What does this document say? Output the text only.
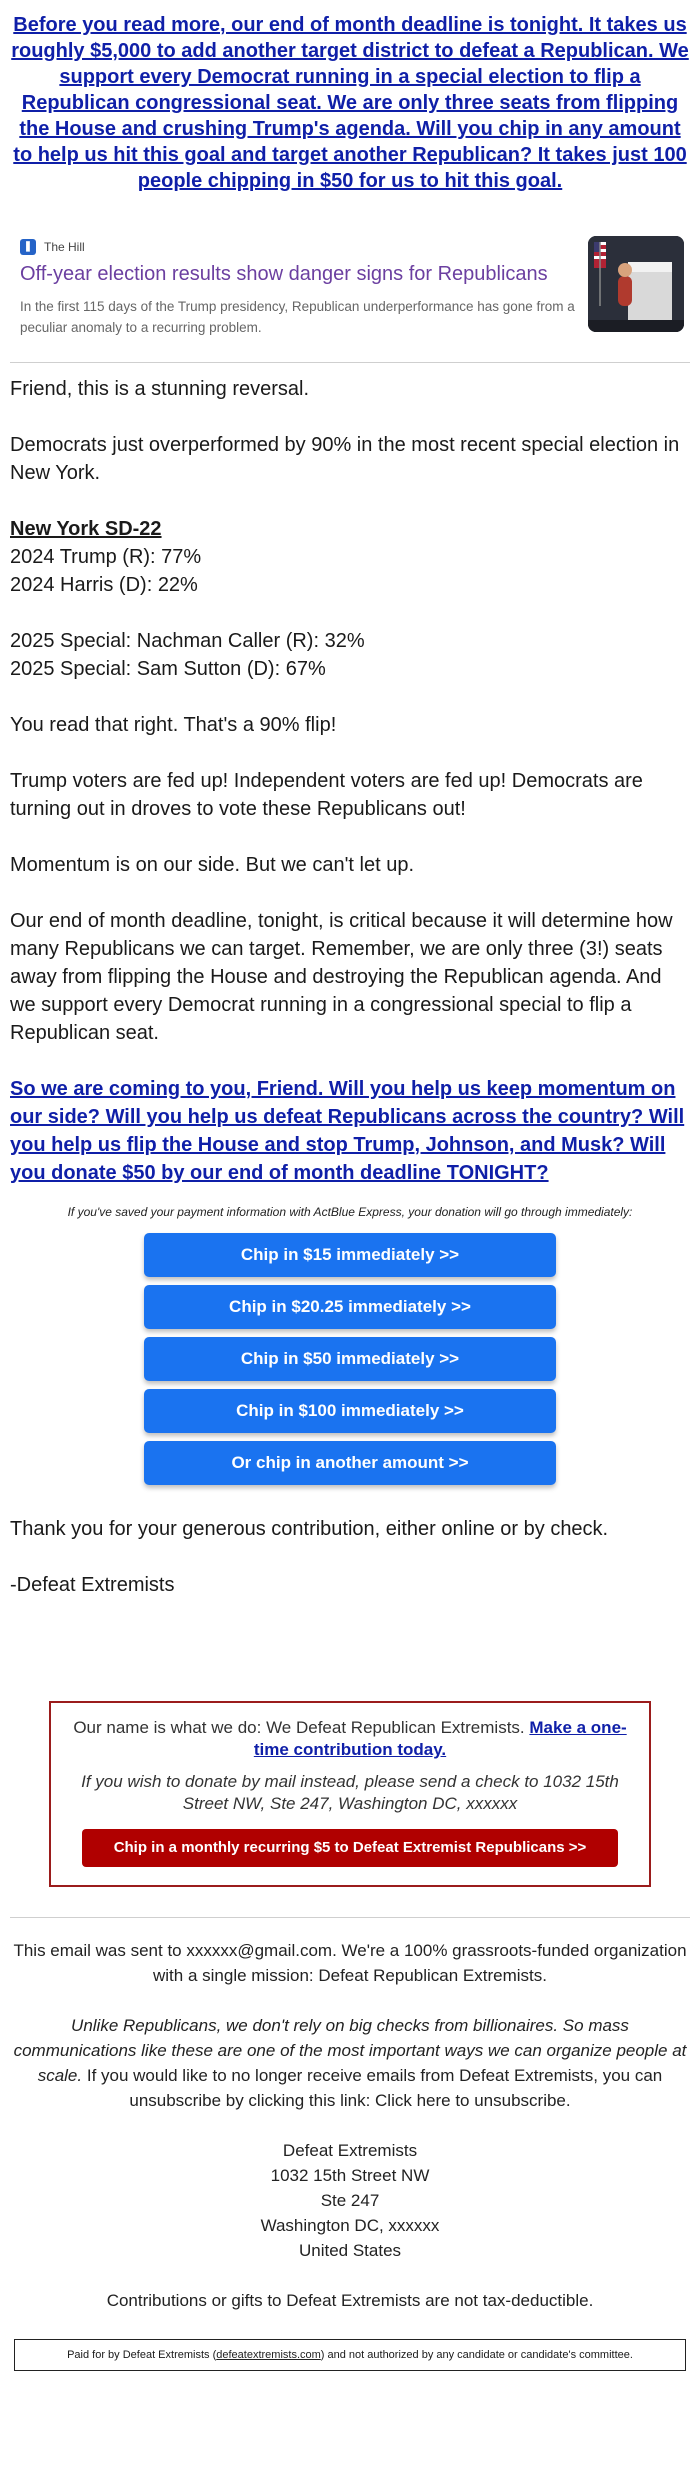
Before you read more, our end of month deadline is tonight. It takes us roughly $5,000 to add another target district to defeat a Republican. We support every Democrat running in a special election to flip a Republican congressional seat. We are only three seats from flipping the House and crushing Trump's agenda. Will you chip in any amount to help us hit this goal and target another Republican? It takes just 100 people chipping in $50 for us to hit this goal.
❚ The Hill
Off-year election results show danger signs for Republicans
In the first 115 days of the Trump presidency, Republican underperformance has gone from a peculiar anomaly to a recurring problem.

Friend, this is a stunning reversal.

Democrats just overperformed by 90% in the most recent special election in New York.

New York SD-22

2024 Trump (R): 77%

2024 Harris (D): 22%

2025 Special: Nachman Caller (R): 32%

2025 Special: Sam Sutton (D): 67%

You read that right. That's a 90% flip!

Trump voters are fed up! Independent voters are fed up! Democrats are turning out in droves to vote these Republicans out!

Momentum is on our side. But we can't let up.

Our end of month deadline, tonight, is critical because it will determine how many Republicans we can target. Remember, we are only three (3!) seats away from flipping the House and destroying the Republican agenda. And we support every Democrat running in a congressional special to flip a Republican seat.

So we are coming to you, Friend. Will you help us keep momentum on our side? Will you help us defeat Republicans across the country? Will you help us flip the House and stop Trump, Johnson, and Musk? Will you donate $50 by our end of month deadline TONIGHT?

If you've saved your payment information with ActBlue Express, your donation will go through immediately:
Chip in $15 immediately >>
Chip in $20.25 immediately >>
Chip in $50 immediately >>
Chip in $100 immediately >>
Or chip in another amount >>

Thank you for your generous contribution, either online or by check.

-Defeat Extremists

Our name is what we do: We Defeat Republican Extremists. Make a one-time contribution today.
If you wish to donate by mail instead, please send a check to 1032 15th Street NW, Ste 247, Washington DC, xxxxxx
Chip in a monthly recurring $5 to Defeat Extremist Republicans >>

This email was sent to xxxxxx@gmail.com. We're a 100% grassroots-funded organization with a single mission: Defeat Republican Extremists.

Unlike Republicans, we don't rely on big checks from billionaires. So mass communications like these are one of the most important ways we can organize people at scale. If you would like to no longer receive emails from Defeat Extremists, you can unsubscribe by clicking this link: Click here to unsubscribe.

Defeat Extremists

1032 15th Street NW

Ste 247

Washington DC, xxxxxx

United States

Contributions or gifts to Defeat Extremists are not tax-deductible.

Paid for by Defeat Extremists (defeatextremists.com) and not authorized by any candidate or candidate's committee.
